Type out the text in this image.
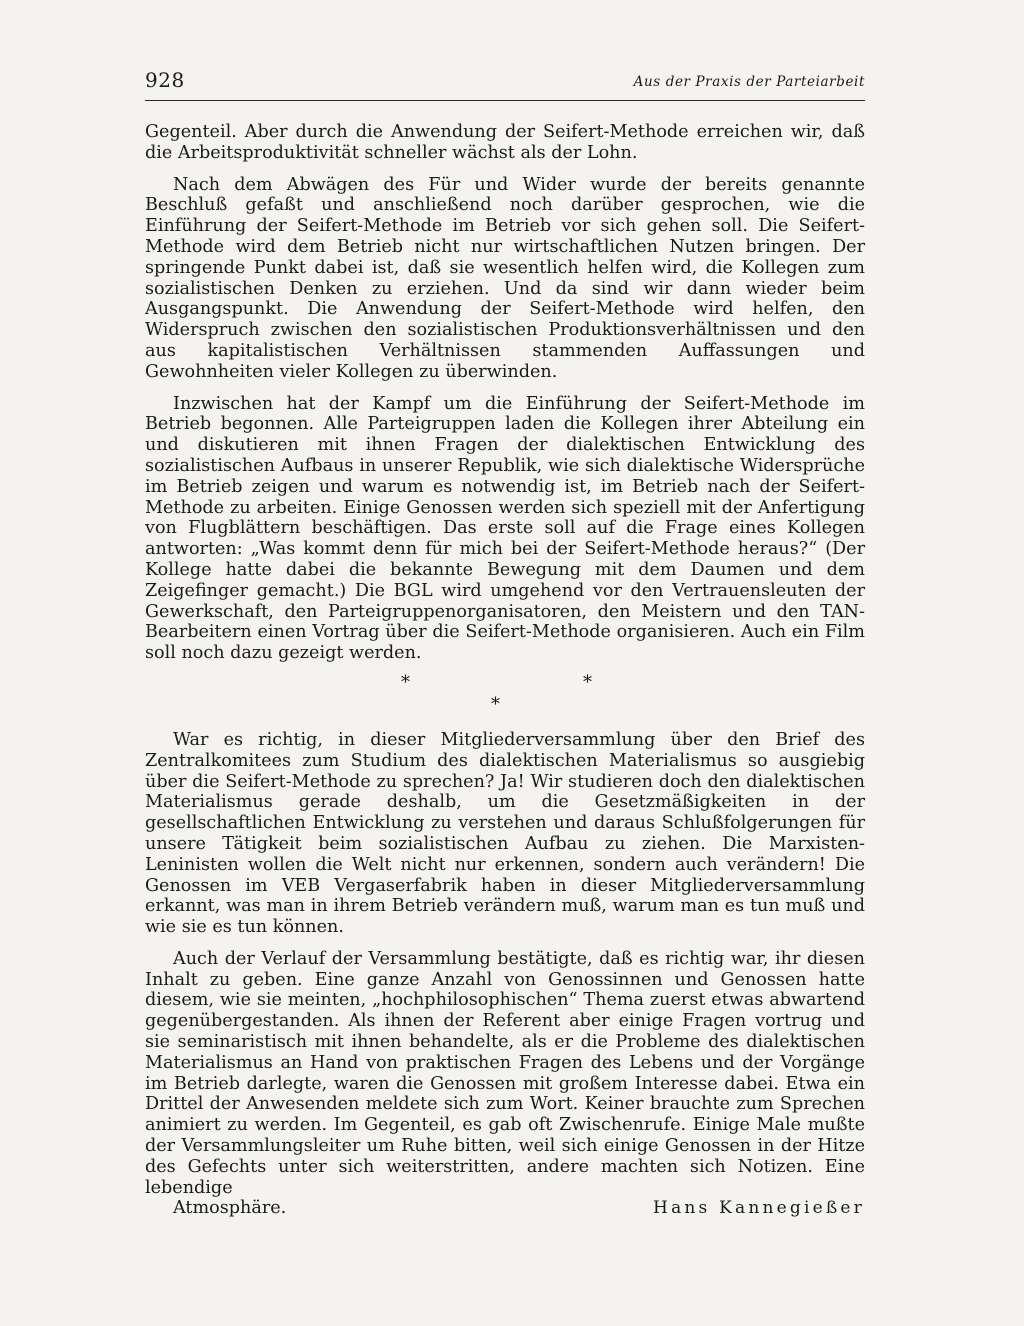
928	Aus der Praxis der Parteiarbeit

Gegenteil. Aber durch die Anwendung der Seifert-Methode erreichen wir, daß die Arbeitsproduktivität schneller wächst als der Lohn.

Nach dem Abwägen des Für und Wider wurde der bereits genannte Beschluß gefaßt und anschließend noch darüber gesprochen, wie die Einführung der Seifert-Methode im Betrieb vor sich gehen soll. Die Seifert-Methode wird dem Betrieb nicht nur wirtschaftlichen Nutzen bringen. Der springende Punkt dabei ist, daß sie wesentlich helfen wird, die Kollegen zum sozialistischen Denken zu erziehen. Und da sind wir dann wieder beim Ausgangspunkt. Die Anwendung der Seifert-Methode wird helfen, den Widerspruch zwischen den sozialistischen Produktionsverhältnissen und den aus kapitalistischen Verhältnissen stammenden Auffassungen und Gewohnheiten vieler Kollegen zu überwinden.

Inzwischen hat der Kampf um die Einführung der Seifert-Methode im Betrieb begonnen. Alle Parteigruppen laden die Kollegen ihrer Abteilung ein und diskutieren mit ihnen Fragen der dialektischen Entwicklung des sozialistischen Aufbaus in unserer Republik, wie sich dialektische Widersprüche im Betrieb zeigen und warum es notwendig ist, im Betrieb nach der Seifert-Methode zu arbeiten. Einige Genossen werden sich speziell mit der Anfertigung von Flugblättern beschäftigen. Das erste soll auf die Frage eines Kollegen antworten: „Was kommt denn für mich bei der Seifert-Methode heraus?“ (Der Kollege hatte dabei die bekannte Bewegung mit dem Daumen und dem Zeigefinger gemacht.) Die BGL wird umgehend vor den Vertrauensleuten der Gewerkschaft, den Parteigruppenorganisatoren, den Meistern und den TAN-Bearbeitern einen Vortrag über die Seifert-Methode organisieren. Auch ein Film soll noch dazu gezeigt werden.

*	*
*

War es richtig, in dieser Mitgliederversammlung über den Brief des Zentralkomitees zum Studium des dialektischen Materialismus so ausgiebig über die Seifert-Methode zu sprechen? Ja! Wir studieren doch den dialektischen Materialismus gerade deshalb, um die Gesetzmäßigkeiten in der gesellschaftlichen Entwicklung zu verstehen und daraus Schlußfolgerungen für unsere Tätigkeit beim sozialistischen Aufbau zu ziehen. Die Marxisten-Leninisten wollen die Welt nicht nur erkennen, sondern auch verändern! Die Genossen im VEB Vergaserfabrik haben in dieser Mitgliederversammlung erkannt, was man in ihrem Betrieb verändern muß, warum man es tun muß und wie sie es tun können.

Auch der Verlauf der Versammlung bestätigte, daß es richtig war, ihr diesen Inhalt zu geben. Eine ganze Anzahl von Genossinnen und Genossen hatte diesem, wie sie meinten, „hochphilosophischen“ Thema zuerst etwas abwartend gegenübergestanden. Als ihnen der Referent aber einige Fragen vortrug und sie seminaristisch mit ihnen behandelte, als er die Probleme des dialektischen Materialismus an Hand von praktischen Fragen des Lebens und der Vorgänge im Betrieb darlegte, waren die Genossen mit großem Interesse dabei. Etwa ein Drittel der Anwesenden meldete sich zum Wort. Keiner brauchte zum Sprechen animiert zu werden. Im Gegenteil, es gab oft Zwischenrufe. Einige Male mußte der Versammlungsleiter um Ruhe bitten, weil sich einige Genossen in der Hitze des Gefechts unter sich weiterstritten, andere machten sich Notizen. Eine lebendige

Atmosphäre.	Hans Kannegießer
